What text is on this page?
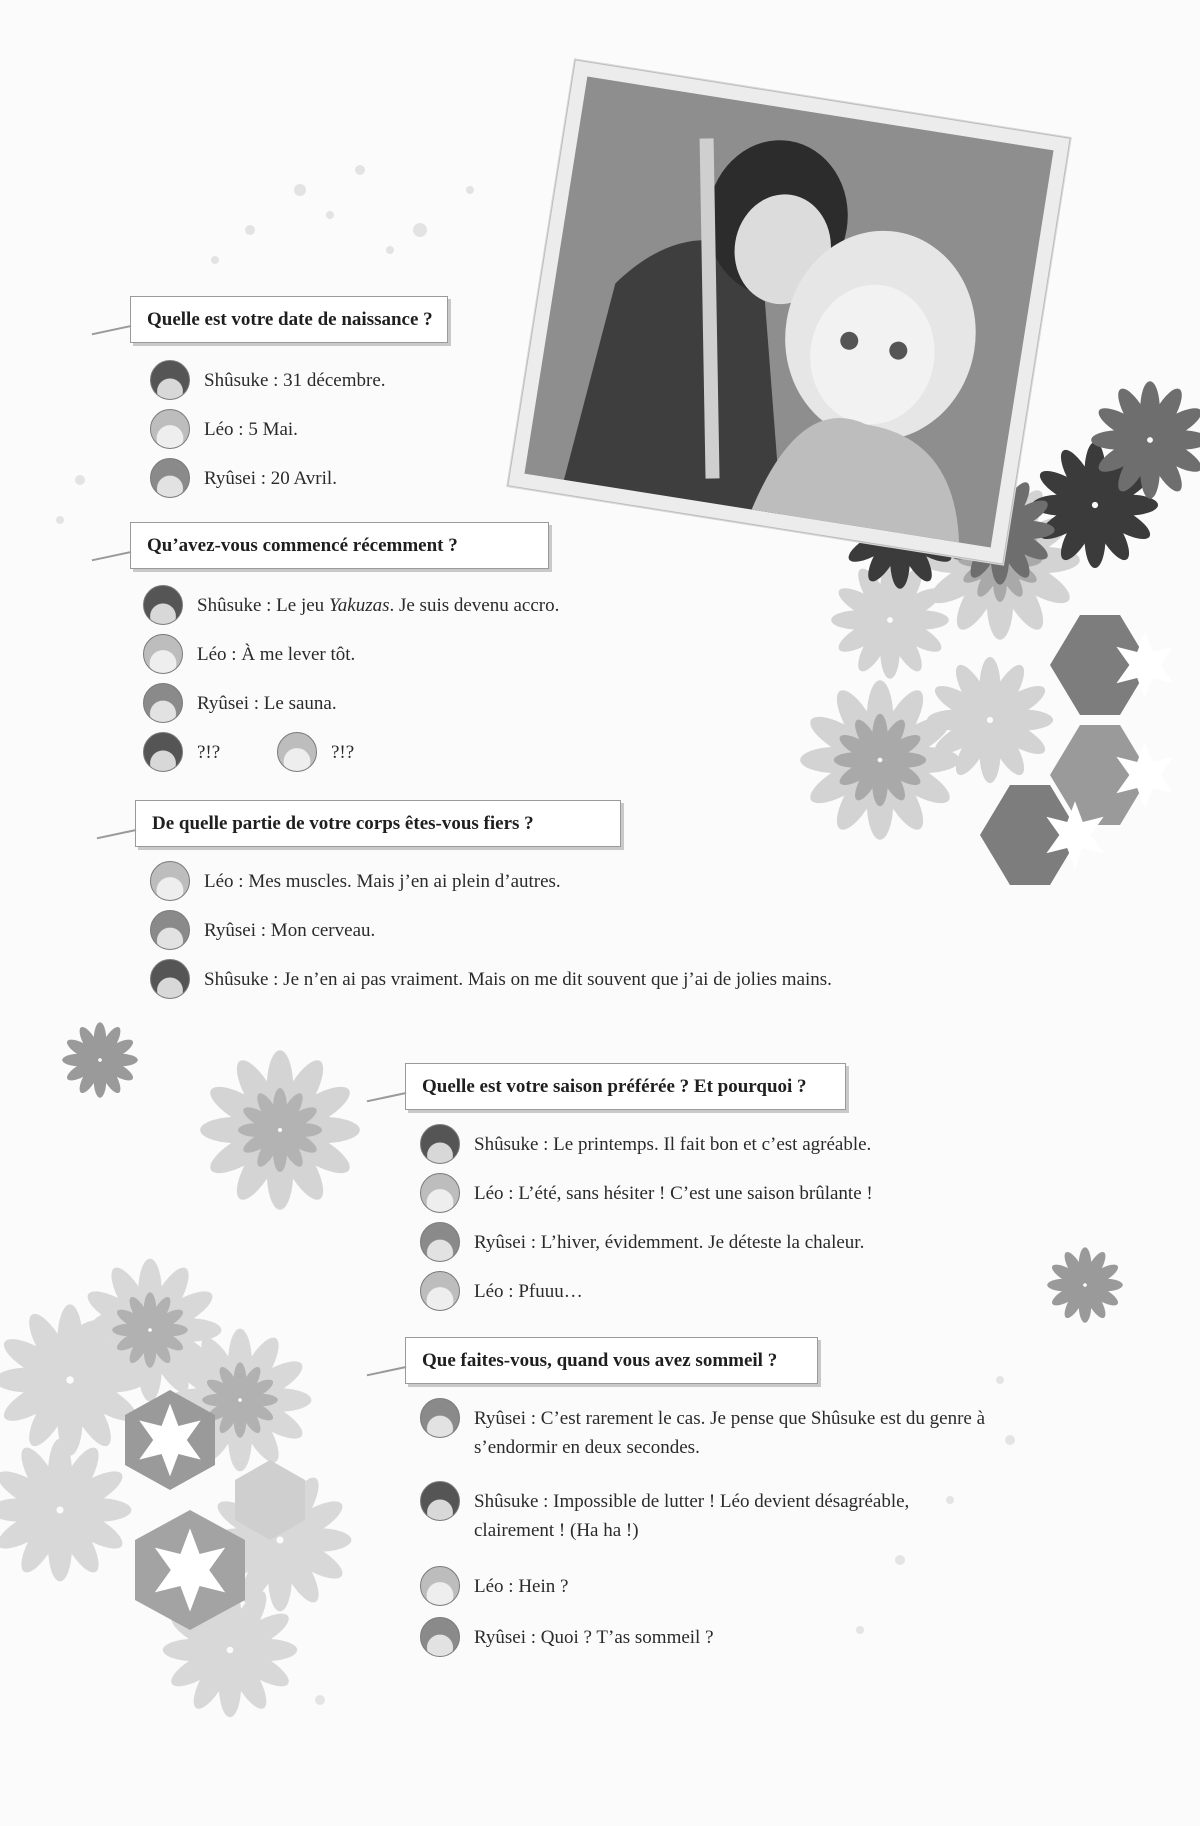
Quelle est votre date de naissance ?
Shûsuke : 31 décembre.
Léo : 5 Mai.
Ryûsei : 20 Avril.
Qu’avez-vous commencé récemment ?
Shûsuke : Le jeu Yakuzas. Je suis devenu accro.
Léo : À me lever tôt.
Ryûsei : Le sauna.
?!?	?!?
De quelle partie de votre corps êtes-vous fiers ?
Léo : Mes muscles. Mais j’en ai plein d’autres.
Ryûsei : Mon cerveau.
Shûsuke : Je n’en ai pas vraiment. Mais on me dit souvent que j’ai de jolies mains.
Quelle est votre saison préférée ? Et pourquoi ?
Shûsuke : Le printemps. Il fait bon et c’est agréable.
Léo : L’été, sans hésiter ! C’est une saison brûlante !
Ryûsei : L’hiver, évidemment. Je déteste la chaleur.
Léo : Pfuuu…
Que faites-vous, quand vous avez sommeil ?
Ryûsei : C’est rarement le cas. Je pense que Shûsuke est du genre à
s’endormir en deux secondes.
Shûsuke : Impossible de lutter ! Léo devient désagréable,
clairement ! (Ha ha !)
Léo : Hein ?
Ryûsei : Quoi ? T’as sommeil ?
